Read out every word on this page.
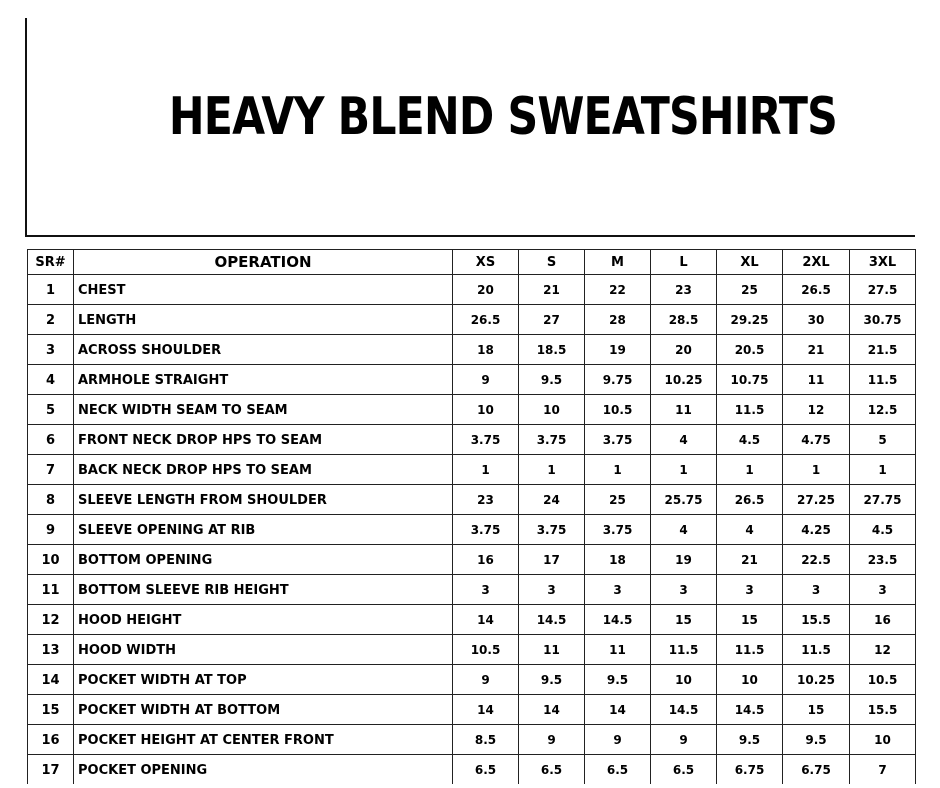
HEAVY BLEND SWEATSHIRTS
SR#	OPERATION	XS	S	M	L	XL	2XL	3XL
1	CHEST	20	21	22	23	25	26.5	27.5
2	LENGTH	26.5	27	28	28.5	29.25	30	30.75
3	ACROSS SHOULDER	18	18.5	19	20	20.5	21	21.5
4	ARMHOLE STRAIGHT	9	9.5	9.75	10.25	10.75	11	11.5
5	NECK WIDTH SEAM TO SEAM	10	10	10.5	11	11.5	12	12.5
6	FRONT NECK DROP HPS TO SEAM	3.75	3.75	3.75	4	4.5	4.75	5
7	BACK NECK DROP HPS TO SEAM	1	1	1	1	1	1	1
8	SLEEVE LENGTH FROM SHOULDER	23	24	25	25.75	26.5	27.25	27.75
9	SLEEVE OPENING AT RIB	3.75	3.75	3.75	4	4	4.25	4.5
10	BOTTOM OPENING	16	17	18	19	21	22.5	23.5
11	BOTTOM SLEEVE RIB HEIGHT	3	3	3	3	3	3	3
12	HOOD HEIGHT	14	14.5	14.5	15	15	15.5	16
13	HOOD WIDTH	10.5	11	11	11.5	11.5	11.5	12
14	POCKET WIDTH AT TOP	9	9.5	9.5	10	10	10.25	10.5
15	POCKET WIDTH AT BOTTOM	14	14	14	14.5	14.5	15	15.5
16	POCKET HEIGHT AT CENTER FRONT	8.5	9	9	9	9.5	9.5	10
17	POCKET OPENING	6.5	6.5	6.5	6.5	6.75	6.75	7
